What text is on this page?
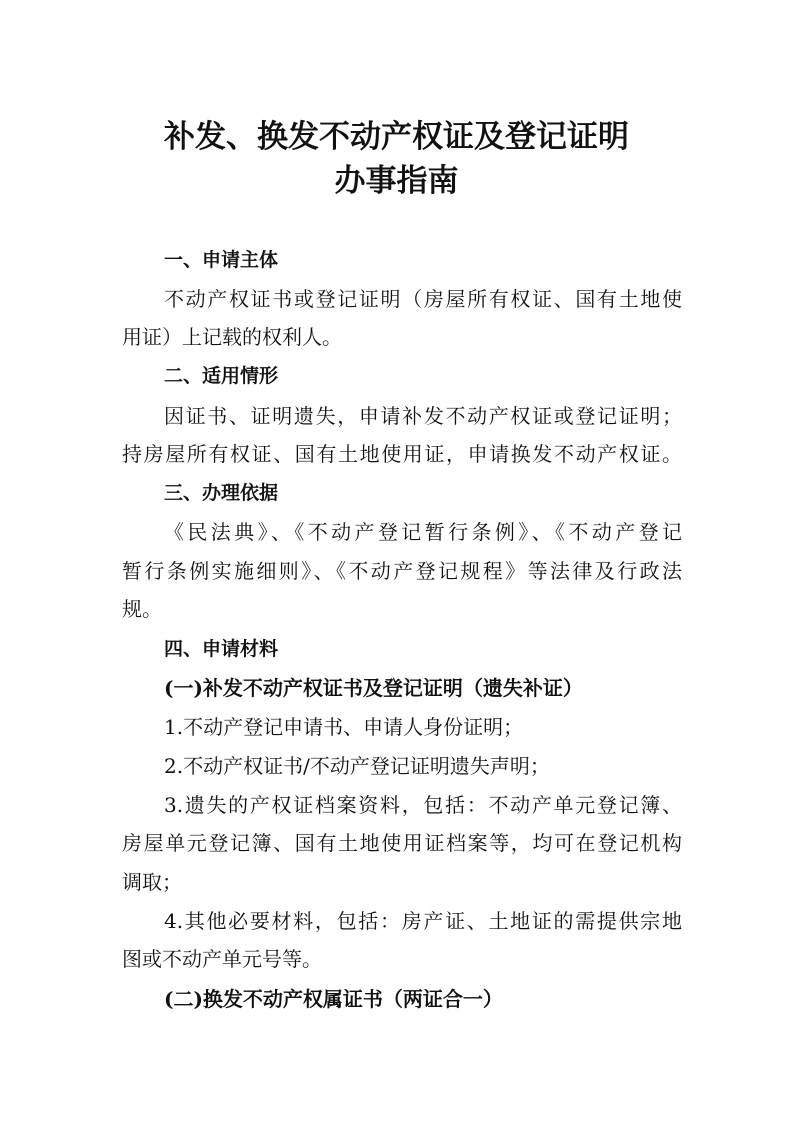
补发、换发不动产权证及登记证明
办事指南
一、申请主体
不动产权证书或登记证明（房屋所有权证、国有土地使
用证）上记载的权利人。
二、适用情形
因证书、证明遗失，申请补发不动产权证或登记证明；
持房屋所有权证、国有土地使用证，申请换发不动产权证。
三、办理依据
《民法典》、《不动产登记暂行条例》、《不动产登记
暂行条例实施细则》、《不动产登记规程》等法律及行政法
规。
四、申请材料
(一)补发不动产权证书及登记证明（遗失补证）
1.不动产登记申请书、申请人身份证明；
2.不动产权证书/不动产登记证明遗失声明；
3.遗失的产权证档案资料，包括：不动产单元登记簿、
房屋单元登记簿、国有土地使用证档案等，均可在登记机构
调取；
4.其他必要材料，包括：房产证、土地证的需提供宗地
图或不动产单元号等。
(二)换发不动产权属证书（两证合一）
